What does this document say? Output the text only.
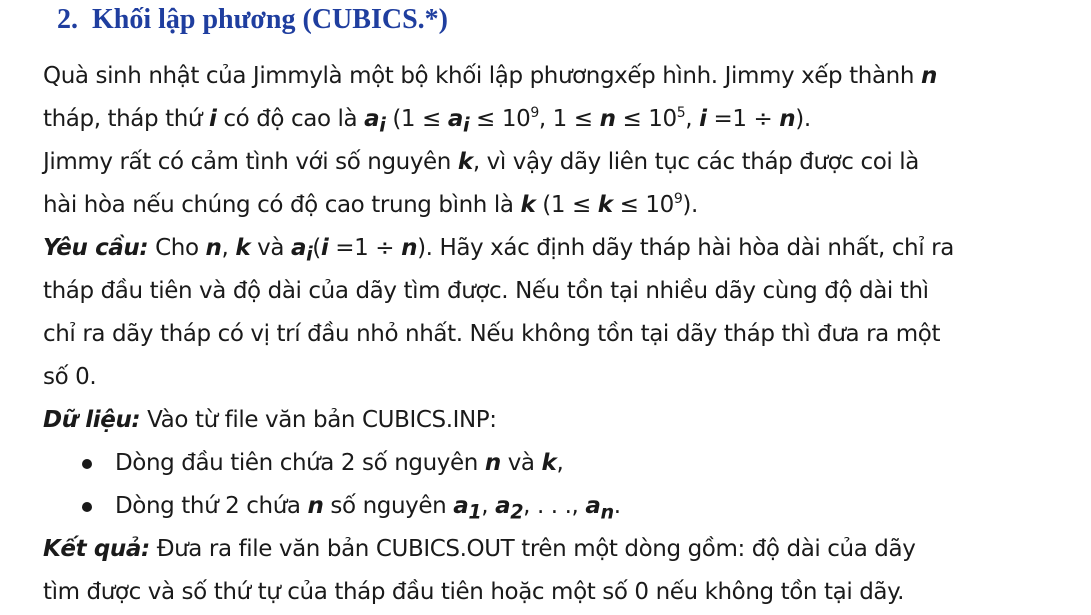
2. Khối lập phương (CUBICS.*)
Quà sinh nhật của Jimmylà một bộ khối lập phươngxếp hình. Jimmy xếp thành n
tháp, tháp thứ i có độ cao là $a_i$ ($1 \le a_i \le 10^9$, $1 \le n \le 10^5$, i =1 ÷ n).
Jimmy rất có cảm tình với số nguyên k, vì vậy dãy liên tục các tháp được coi là
hài hòa nếu chúng có độ cao trung bình là k $(1 \le k \le 10^9)$.
Yêu cầu: Cho n, k và $a_i(i =1 \div n)$. Hãy xác định dãy tháp hài hòa dài nhất, chỉ ra
tháp đầu tiên và độ dài của dãy tìm được. Nếu tồn tại nhiều dãy cùng độ dài thì
chỉ ra dãy tháp có vị trí đầu nhỏ nhất. Nếu không tồn tại dãy tháp thì đưa ra một
số 0.
Dữ liệu: Vào từ file văn bản CUBICS.INP:
Dòng đầu tiên chứa 2 số nguyên n và k,
Dòng thứ 2 chứa n số nguyên $a_1$, $a_2$, . . ., $a_n$.
Kết quả: Đưa ra file văn bản CUBICS.OUT trên một dòng gồm: độ dài của dãy
tìm được và số thứ tự của tháp đầu tiên hoặc một số 0 nếu không tồn tại dãy.
